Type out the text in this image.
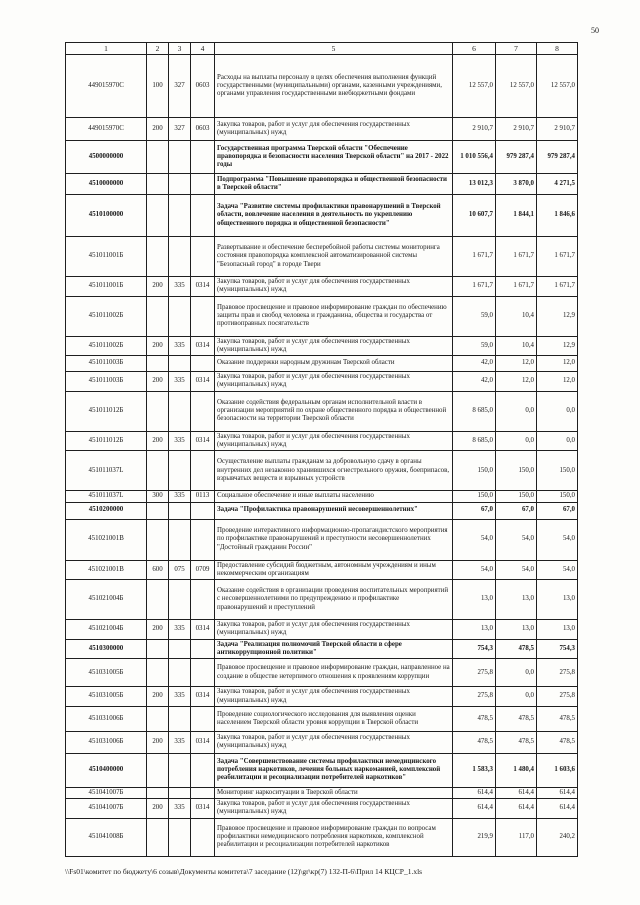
50
1	2	3	4	5	6	7	8
449015970С	100	327	0603	Расходы на выплаты персоналу в целях обеспечения выполнения функций государственными (муниципальными) органами, казенными учреждениями, органами управления государственными внебюджетными фондами	12 557,0	12 557,0	12 557,0
449015970С	200	327	0603	Закупка товаров, работ и услуг для обеспечения государственных (муниципальных) нужд	2 910,7	2 910,7	2 910,7
4500000000				Государственная программа Тверской области "Обеспечение правопорядка и безопасности населения Тверской области" на 2017 - 2022 годы	1 010 556,4	979 287,4	979 287,4
4510000000				Подпрограмма "Повышение правопорядка и общественной безопасности в Тверской области"	13 012,3	3 870,0	4 271,5
4510100000				Задача "Развитие системы профилактики правонарушений в Тверской области, вовлечение населения в деятельность по укреплению общественного порядка и общественной безопасности"	10 607,7	1 844,1	1 846,6
451011001Б				Развертывание и обеспечение бесперебойной работы системы мониторинга состояния правопорядка комплексной автоматизированной системы "Безопасный город" в городе Твери	1 671,7	1 671,7	1 671,7
451011001Б	200	335	0314	Закупка товаров, работ и услуг для обеспечения государственных (муниципальных) нужд	1 671,7	1 671,7	1 671,7
451011002Б				Правовое просвещение и правовое информирование граждан по обеспечению защиты прав и свобод человека и гражданина, общества и государства от противоправных посягательств	59,0	10,4	12,9
451011002Б	200	335	0314	Закупка товаров, работ и услуг для обеспечения государственных (муниципальных) нужд	59,0	10,4	12,9
451011003Б				Оказание поддержки народным дружинам Тверской области	42,0	12,0	12,0
451011003Б	200	335	0314	Закупка товаров, работ и услуг для обеспечения государственных (муниципальных) нужд	42,0	12,0	12,0
451011012Б				Оказание содействия федеральным органам исполнительной власти в организации мероприятий по охране общественного порядка и общественной безопасности на территории Тверской области	8 685,0	0,0	0,0
451011012Б	200	335	0314	Закупка товаров, работ и услуг для обеспечения государственных (муниципальных) нужд	8 685,0	0,0	0,0
451011037L				Осуществление выплаты гражданам за добровольную сдачу в органы внутренних дел незаконно хранившихся огнестрельного оружия, боеприпасов, взрывчатых веществ и взрывных устройств	150,0	150,0	150,0
451011037L	300	335	0113	Социальное обеспечение и иные выплаты населению	150,0	150,0	150,0
4510200000				Задача "Профилактика правонарушений несовершеннолетних"	67,0	67,0	67,0
451021001В				Проведение интерактивного информационно-пропагандистского мероприятия по профилактике правонарушений и преступности несовершеннолетних "Достойный гражданин России"	54,0	54,0	54,0
451021001В	600	075	0709	Предоставление субсидий бюджетным, автономным учреждениям и иным некоммерческим организациям	54,0	54,0	54,0
451021004Б				Оказание содействия в организации проведения воспитательных мероприятий с несовершеннолетними по предупреждению и профилактике правонарушений и преступлений	13,0	13,0	13,0
451021004Б	200	335	0314	Закупка товаров, работ и услуг для обеспечения государственных (муниципальных) нужд	13,0	13,0	13,0
4510300000				Задача "Реализация полномочий Тверской области в сфере антикоррупционной политики"	754,3	478,5	754,3
451031005Б				Правовое просвещение и правовое информирование граждан, направленное на создание в обществе нетерпимого отношения к проявлениям коррупции	275,8	0,0	275,8
451031005Б	200	335	0314	Закупка товаров, работ и услуг для обеспечения государственных (муниципальных) нужд	275,8	0,0	275,8
451031006Б				Проведение социологического исследования для выявления оценки населением Тверской области уровня коррупции в Тверской области	478,5	478,5	478,5
451031006Б	200	335	0314	Закупка товаров, работ и услуг для обеспечения государственных (муниципальных) нужд	478,5	478,5	478,5
4510400000				Задача "Совершенствование системы профилактики немедицинского потребления наркотиков, лечения больных наркоманией, комплексной реабилитации и ресоциализации потребителей наркотиков"	1 583,3	1 480,4	1 603,6
451041007Б				Мониторинг наркоситуации в Тверской области	614,4	614,4	614,4
451041007Б	200	335	0314	Закупка товаров, работ и услуг для обеспечения государственных (муниципальных) нужд	614,4	614,4	614,4
451041008Б				Правовое просвещение и правовое информирование граждан по вопросам профилактики немедицинского потребления наркотиков, комплексной реабилитации и ресоциализации потребителей наркотиков	219,9	117,0	240,2
\\Fs01\комитет по бюджету\6 созыв\Документы комитета\7 заседание (12)\gr\кр(7) 132-П-6\Прил 14 КЦСР_1.xls
